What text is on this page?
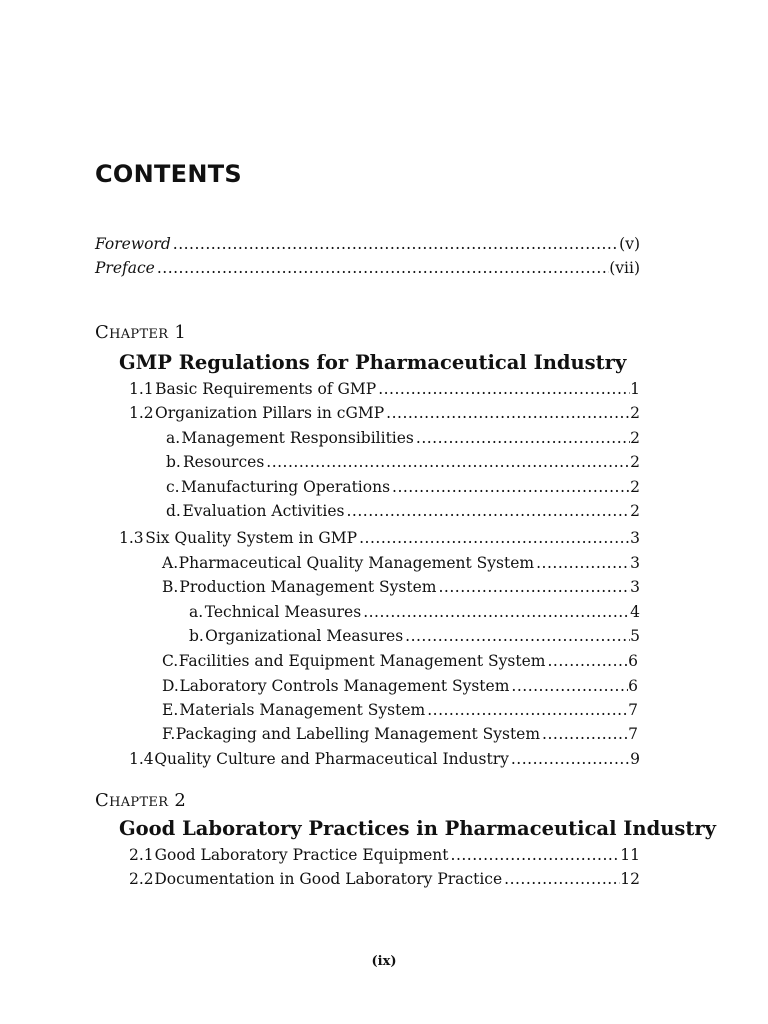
CONTENTS
Foreword .....	(v)
Preface .....	(vii)
Chapter 1
GMP Regulations for Pharmaceutical Industry
1.1 Basic Requirements of GMP .....	1
1.2 Organization Pillars in cGMP .....	2
a. Management Responsibilities .....	2
b. Resources .....	2
c. Manufacturing Operations .....	2
d. Evaluation Activities .....	2
1.3 Six Quality System in GMP .....	3
A. Pharmaceutical Quality Management System .....	3
B. Production Management System .....	3
a. Technical Measures .....	4
b. Organizational Measures .....	5
C. Facilities and Equipment Management System .....	6
D. Laboratory Controls Management System .....	6
E. Materials Management System .....	7
F. Packaging and Labelling Management System .....	7
1.4 Quality Culture and Pharmaceutical Industry .....	9
Chapter 2
Good Laboratory Practices in Pharmaceutical Industry
2.1 Good Laboratory Practice Equipment .....	11
2.2 Documentation in Good Laboratory Practice .....	12
(ix)
